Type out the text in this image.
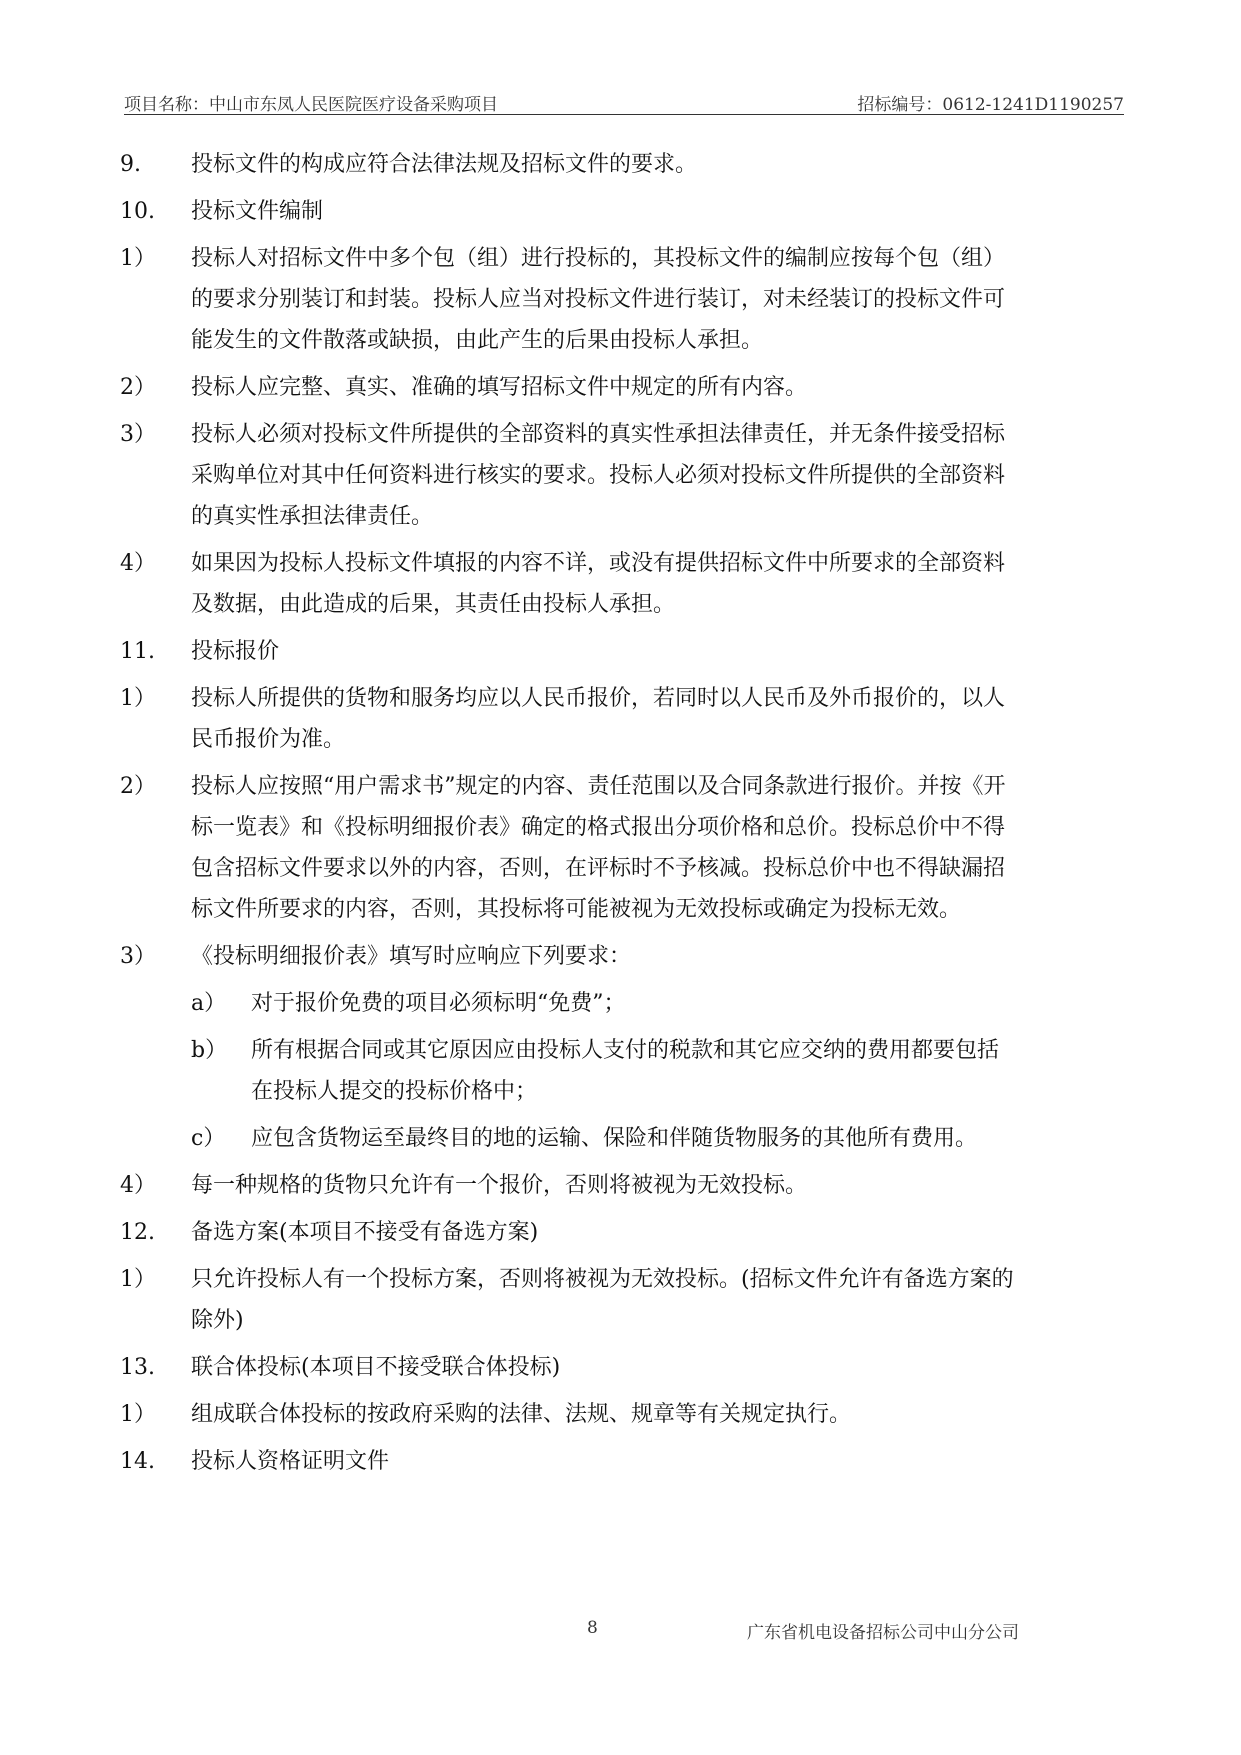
项目名称：中山市东凤人民医院医疗设备采购项目	招标编号：0612-1241D1190257
9. 投标文件的构成应符合法律法规及招标文件的要求。
10. 投标文件编制
1） 投标人对招标文件中多个包（组）进行投标的，其投标文件的编制应按每个包（组）
的要求分别装订和封装。投标人应当对投标文件进行装订，对未经装订的投标文件可
能发生的文件散落或缺损，由此产生的后果由投标人承担。
2） 投标人应完整、真实、准确的填写招标文件中规定的所有内容。
3） 投标人必须对投标文件所提供的全部资料的真实性承担法律责任，并无条件接受招标
采购单位对其中任何资料进行核实的要求。投标人必须对投标文件所提供的全部资料
的真实性承担法律责任。
4） 如果因为投标人投标文件填报的内容不详，或没有提供招标文件中所要求的全部资料
及数据，由此造成的后果，其责任由投标人承担。
11. 投标报价
1） 投标人所提供的货物和服务均应以人民币报价，若同时以人民币及外币报价的，以人
民币报价为准。
2） 投标人应按照“用户需求书”规定的内容、责任范围以及合同条款进行报价。并按《开
标一览表》和《投标明细报价表》确定的格式报出分项价格和总价。投标总价中不得
包含招标文件要求以外的内容，否则，在评标时不予核减。投标总价中也不得缺漏招
标文件所要求的内容，否则，其投标将可能被视为无效投标或确定为投标无效。
3） 《投标明细报价表》填写时应响应下列要求：
a） 对于报价免费的项目必须标明“免费”；
b） 所有根据合同或其它原因应由投标人支付的税款和其它应交纳的费用都要包括
在投标人提交的投标价格中；
c） 应包含货物运至最终目的地的运输、保险和伴随货物服务的其他所有费用。
4） 每一种规格的货物只允许有一个报价，否则将被视为无效投标。
12. 备选方案(本项目不接受有备选方案)
1） 只允许投标人有一个投标方案，否则将被视为无效投标。(招标文件允许有备选方案的
除外)
13. 联合体投标(本项目不接受联合体投标)
1） 组成联合体投标的按政府采购的法律、法规、规章等有关规定执行。
14. 投标人资格证明文件
8	广东省机电设备招标公司中山分公司
